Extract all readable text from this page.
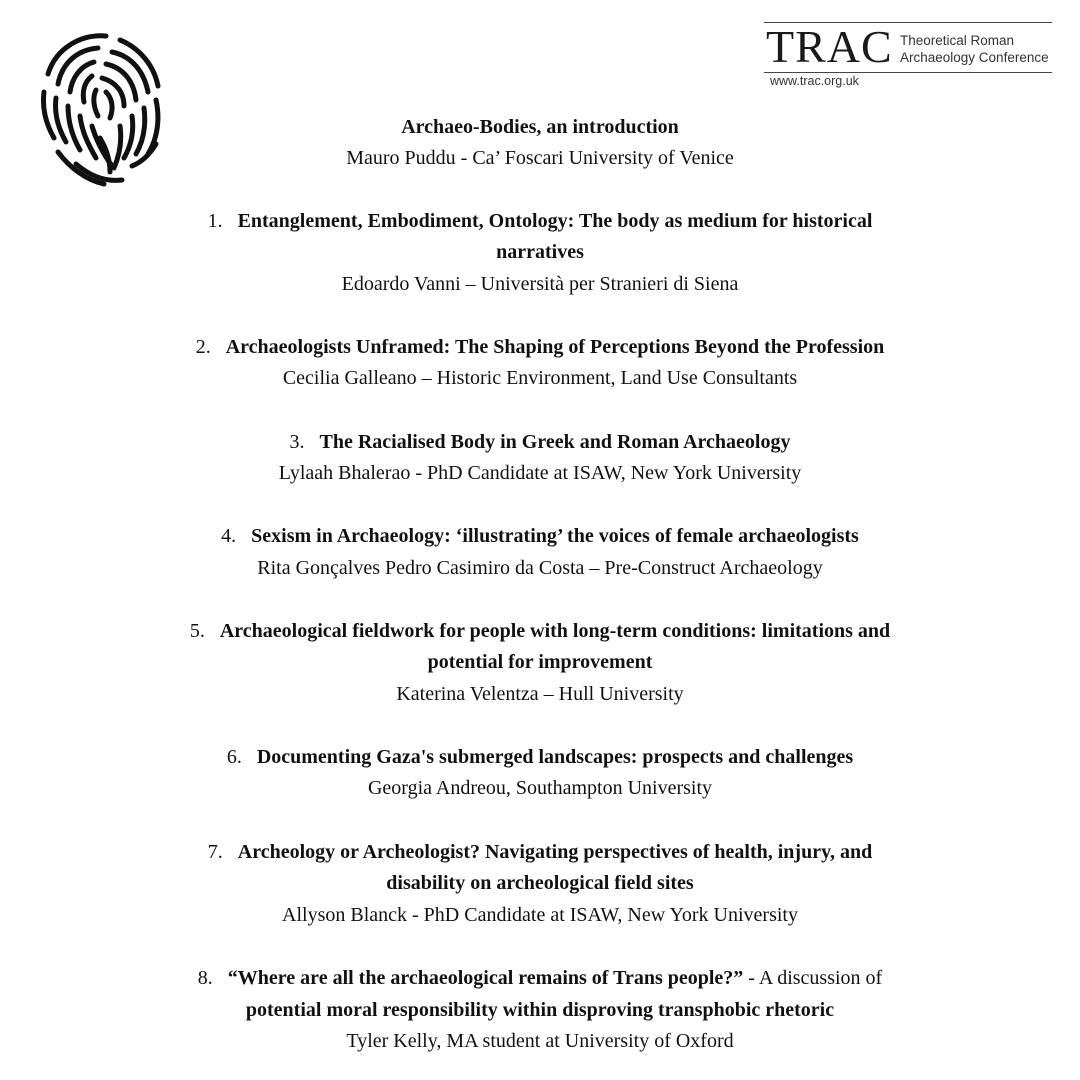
TRAC Theoretical Roman
Archaeology Conference
www.trac.org.uk
Archaeo-Bodies, an introduction
Mauro Puddu - Ca’ Foscari University of Venice
1. Entanglement, Embodiment, Ontology: The body as medium for historical
narratives
Edoardo Vanni – Università per Stranieri di Siena
2. Archaeologists Unframed: The Shaping of Perceptions Beyond the Profession
Cecilia Galleano – Historic Environment, Land Use Consultants
3. The Racialised Body in Greek and Roman Archaeology
Lylaah Bhalerao - PhD Candidate at ISAW, New York University
4. Sexism in Archaeology: ‘illustrating’ the voices of female archaeologists
Rita Gonçalves Pedro Casimiro da Costa – Pre-Construct Archaeology
5. Archaeological fieldwork for people with long-term conditions: limitations and
potential for improvement
Katerina Velentza – Hull University
6. Documenting Gaza's submerged landscapes: prospects and challenges
Georgia Andreou, Southampton University
7. Archeology or Archeologist? Navigating perspectives of health, injury, and
disability on archeological field sites
Allyson Blanck - PhD Candidate at ISAW, New York University
8. “Where are all the archaeological remains of Trans people?” - A discussion of
potential moral responsibility within disproving transphobic rhetoric
Tyler Kelly, MA student at University of Oxford
